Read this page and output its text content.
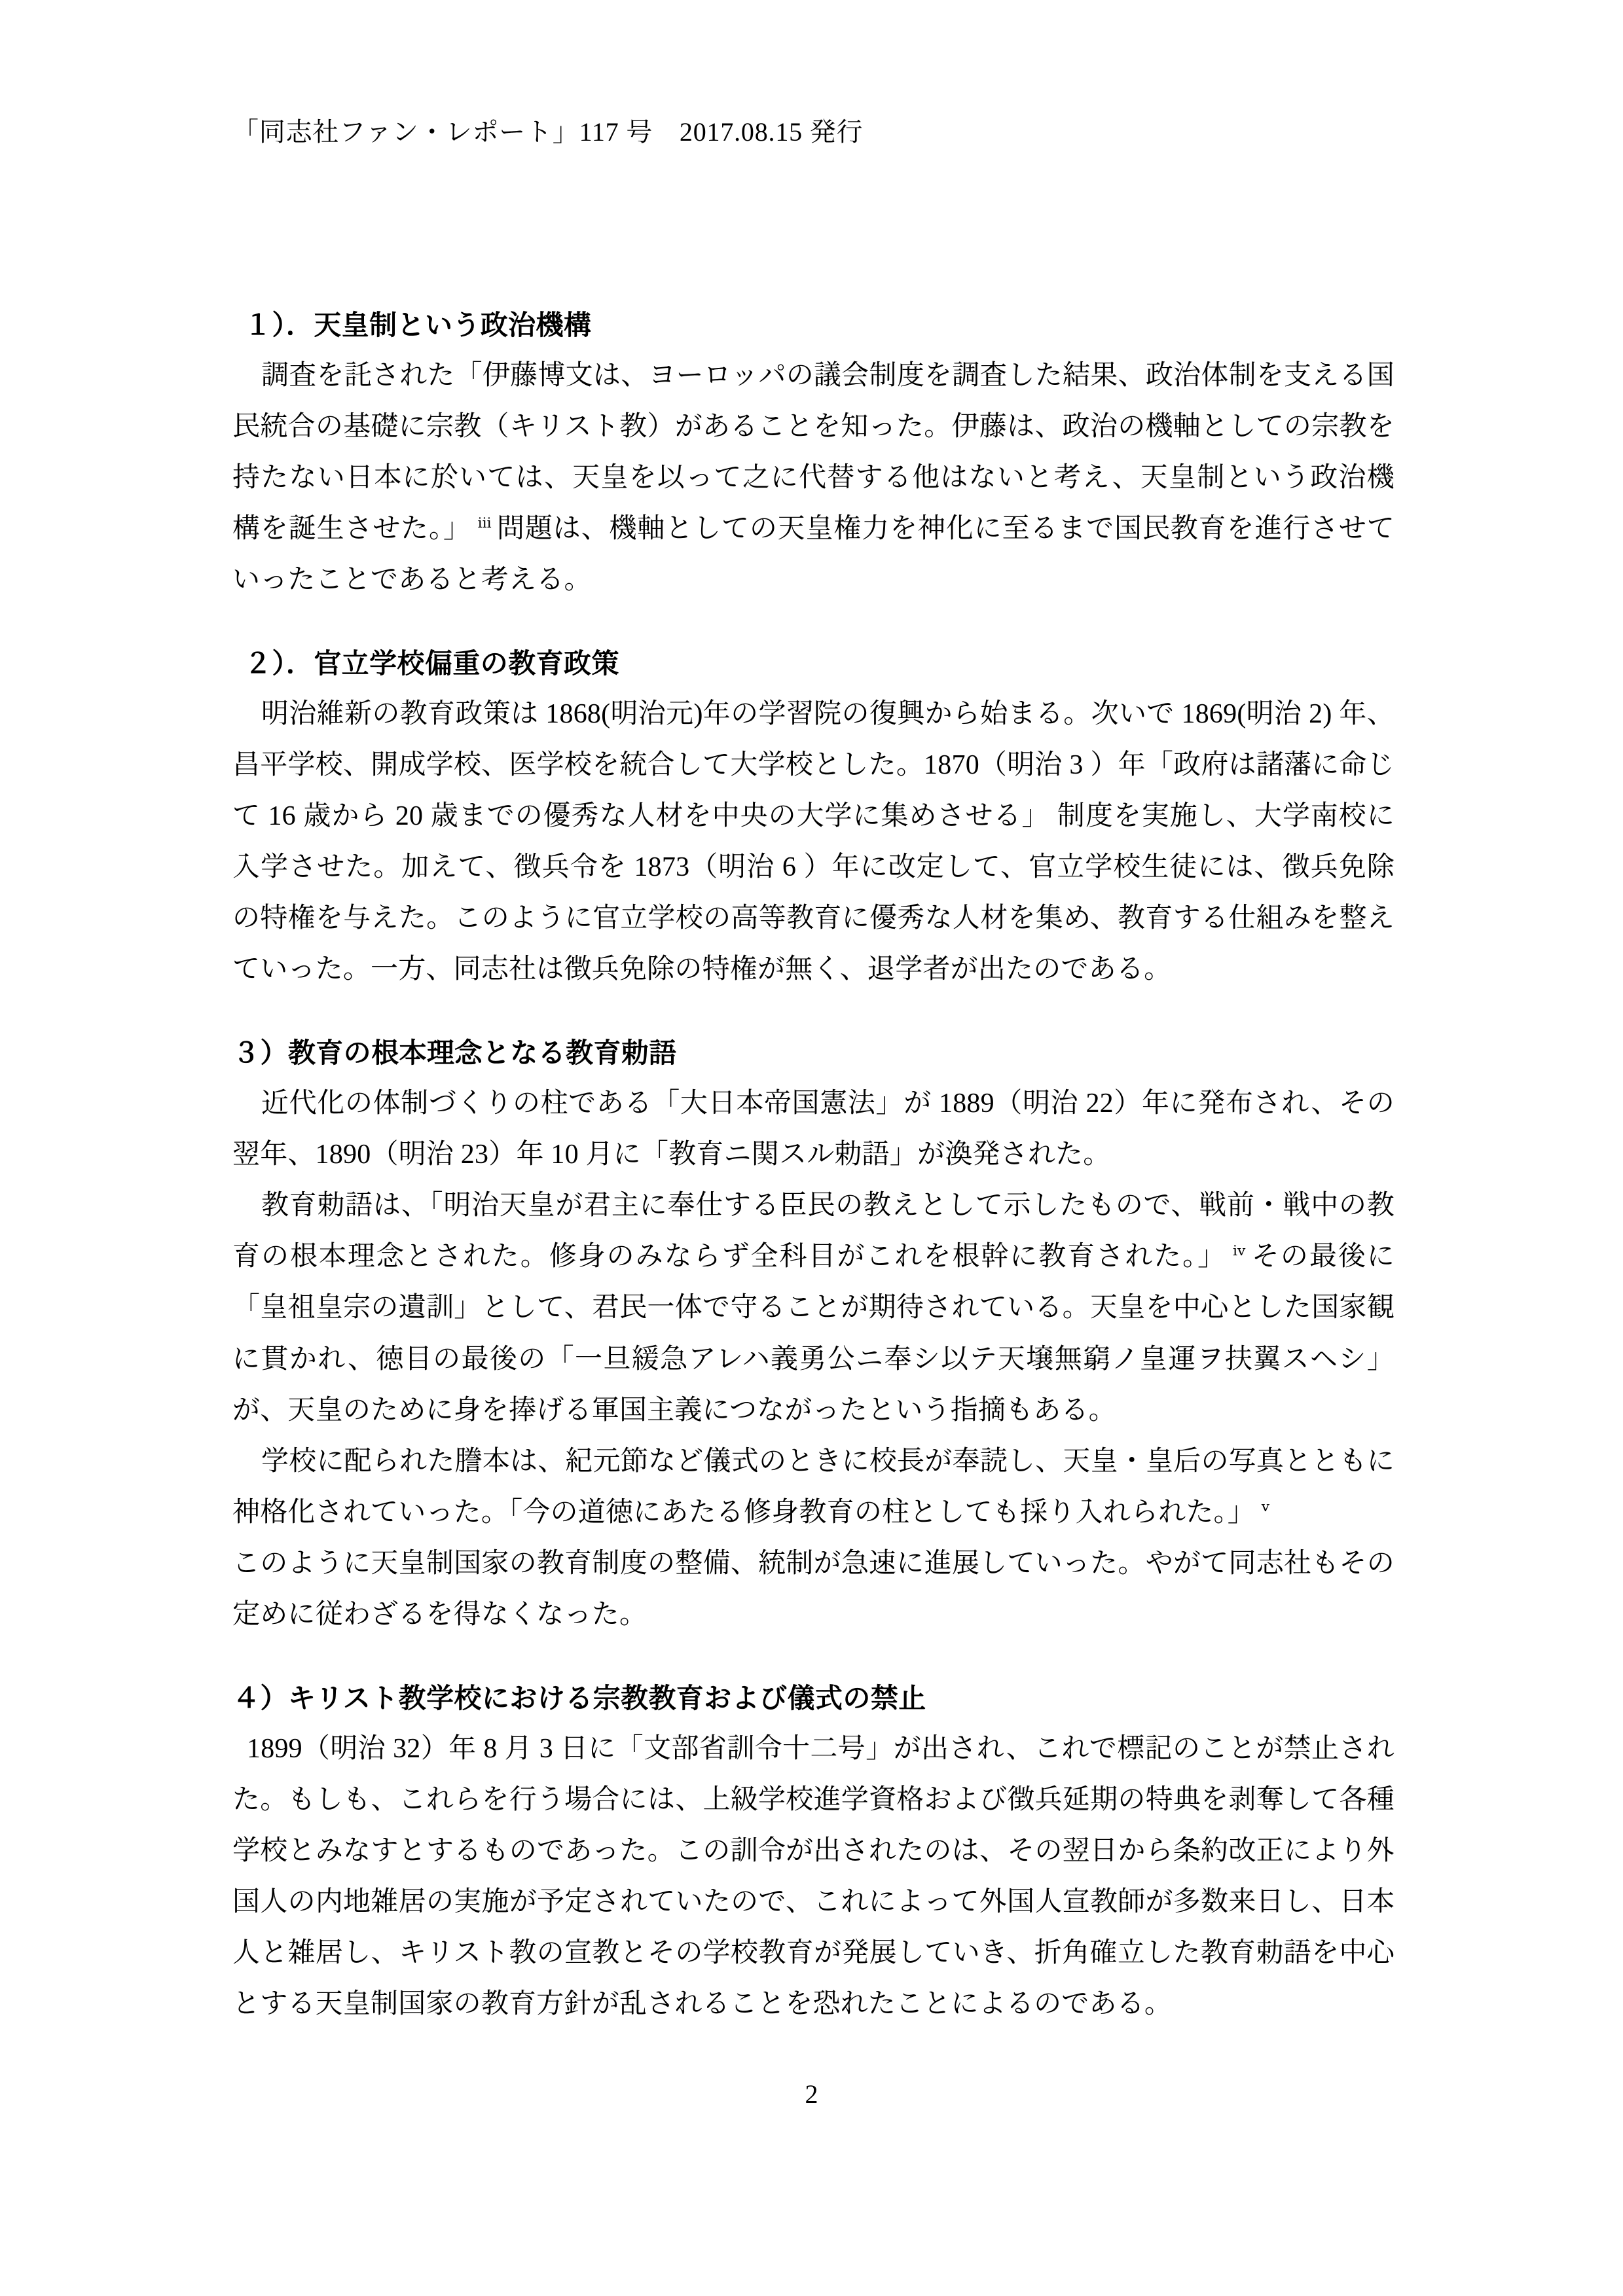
「同志社ファン・レポート」117 号　2017.08.15 発行
１）．天皇制という政治機構

調査を託された「伊藤博文は、ヨーロッパの議会制度を調査した結果、政治体制を支える国民統合の基礎に宗教（キリスト教）があることを知った。伊藤は、政治の機軸としての宗教を持たない日本に於いては、天皇を以って之に代替する他はないと考え、天皇制という政治機構を誕生させた。」 $^ⅲ$ 問題は、機軸としての天皇権力を神化に至るまで国民教育を進行させていったことであると考える。

２）．官立学校偏重の教育政策

明治維新の教育政策は 1868(明治元)年の学習院の復興から始まる。次いで 1869(明治 2) 年、昌平学校、開成学校、医学校を統合して大学校とした。1870（明治 3 ）年「政府は諸藩に命じて 16 歳から 20 歳までの優秀な人材を中央の大学に集めさせる」 制度を実施し、大学南校に入学させた。加えて、徴兵令を 1873（明治 6 ）年に改定して、官立学校生徒には、徴兵免除の特権を与えた。このように官立学校の高等教育に優秀な人材を集め、教育する仕組みを整えていった。一方、同志社は徴兵免除の特権が無く、退学者が出たのである。

３）教育の根本理念となる教育勅語

近代化の体制づくりの柱である「大日本帝国憲法」が 1889（明治 22）年に発布され、その翌年、1890（明治 23）年 10 月に「教育ニ関スル勅語」が渙発された。

教育勅語は、「明治天皇が君主に奉仕する臣民の教えとして示したもので、戦前・戦中の教育の根本理念とされた。修身のみならず全科目がこれを根幹に教育された。」 $^ⅳ$ その最後に「皇祖皇宗の遺訓」として、君民一体で守ることが期待されている。天皇を中心とした国家観に貫かれ、徳目の最後の「一旦緩急アレハ義勇公ニ奉シ以テ天壌無窮ノ皇運ヲ扶翼スヘシ」が、天皇のために身を捧げる軍国主義につながったという指摘もある。

学校に配られた謄本は、紀元節など儀式のときに校長が奉読し、天皇・皇后の写真とともに神格化されていった。「今の道徳にあたる修身教育の柱としても採り入れられた。」 $^ⅴ$

このように天皇制国家の教育制度の整備、統制が急速に進展していった。やがて同志社もその定めに従わざるを得なくなった。

４）キリスト教学校における宗教教育および儀式の禁止

1899（明治 32）年 8 月 3 日に「文部省訓令十二号」が出され、これで標記のことが禁止された。もしも、これらを行う場合には、上級学校進学資格および徴兵延期の特典を剥奪して各種学校とみなすとするものであった。この訓令が出されたのは、その翌日から条約改正により外国人の内地雑居の実施が予定されていたので、これによって外国人宣教師が多数来日し、日本人と雑居し、キリスト教の宣教とその学校教育が発展していき、折角確立した教育勅語を中心とする天皇制国家の教育方針が乱されることを恐れたことによるのである。

2
